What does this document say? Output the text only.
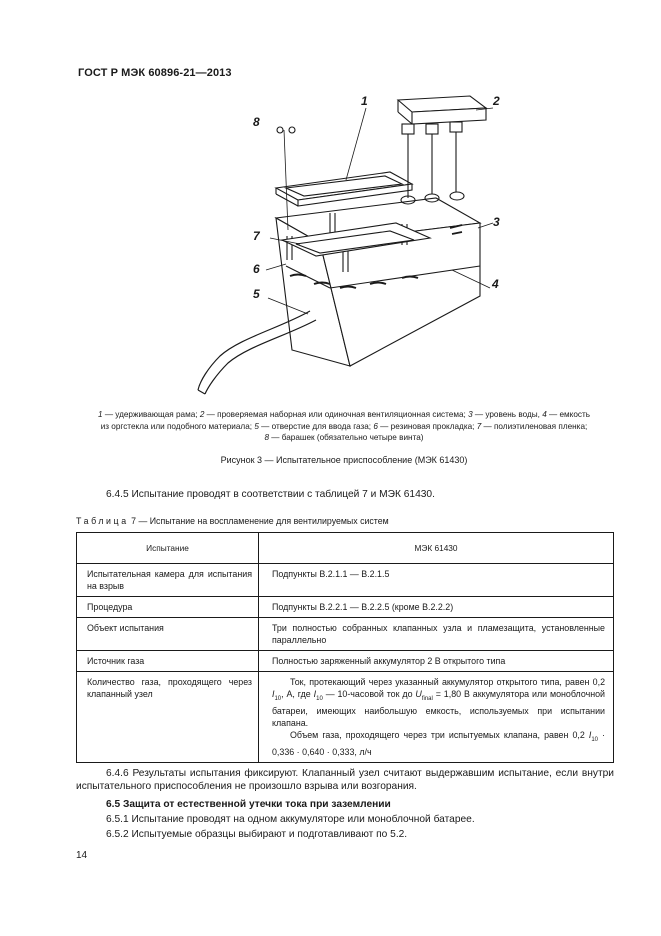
ГОСТ Р МЭК 60896-21—2013
1	2
3
4
5
6
7
8
1 — удерживающая рама; 2 — проверяемая наборная или одиночная вентиляционная система; 3 — уровень воды, 4 — емкость
из оргстекла или подобного материала; 5 — отверстие для ввода газа; 6 — резиновая прокладка; 7 — полиэтиленовая пленка;
8 — барашек (обязательно четыре винта)
Рисунок 3 — Испытательное приспособление (МЭК 61430)
6.4.5 Испытание проводят в соответствии с таблицей 7 и МЭК 61430.
Таблица 7 — Испытание на воспламенение для вентилируемых систем
Испытание	МЭК 61430
Испытательная камера для испытания на взрыв	Подпункты В.2.1.1 — В.2.1.5
Процедура	Подпункты В.2.2.1 — В.2.2.5 (кроме В.2.2.2)
Объект испытания	Три полностью собранных клапанных узла и пламезащита, установленные параллельно
Источник газа	Полностью заряженный аккумулятор 2 В открытого типа
Количество газа, проходящего через клапанный узел	Ток, протекающий через указанный аккумулятор открытого типа, равен 0,2 $I_{10}$, А, где $I_{10}$ — 10-часовой ток до $U_{final} = 1,80$ В аккумулятора или моноблочной батареи, имеющих наибольшую емкость, используемых при испытании клапана.
Объем газа, проходящего через три испытуемых клапана, равен 0,2 $I_{10} \cdot 0,336 \cdot 0,640 \cdot 0,333$, л/ч
6.4.6 Результаты испытания фиксируют. Клапанный узел считают выдержавшим испытание, если внутри испытательного приспособления не произошло взрыва или возгорания.
6.5 Защита от естественной утечки тока при заземлении
6.5.1 Испытание проводят на одном аккумуляторе или моноблочной батарее.
6.5.2 Испытуемые образцы выбирают и подготавливают по 5.2.
14
